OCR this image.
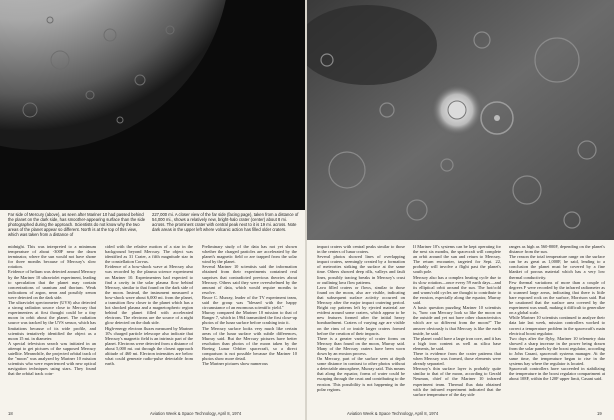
Far side of Mercury (above), as seen after Mariner 10 had passed behind the planet on the dark side, has smoother-appearing surface than the side photographed during the approach. Scientists do not know why the two areas of the planet appear so different. North is at the top of this view, which was taken from a distance of
227,000 mi. A closer view of the far side (facing page), taken from a distance of 54,000 mi., shows a relatively new, bright-halo crater (center) about 8 mi. across. The prominent crater with central peak next to it is 19 mi. across. Note dark areas in the upper left where volcanic action has filled older craters.
midnight. This was interpreted to a minimum temperature of about -300F near the dawn terminator, where the sun would not have shone for three months because of Mercury's slow rotation.
Evidence of helium was detected around Mercury by the Mariner 10 ultraviolet experiment, leading to speculation that the planet may contain concentrations of uranium and thorium. Weak indications of argon, neon and possibly xenon were detected on the dark side.
The ultraviolet spectrometer (UVS) also detected a strong radiation source close to Mercury that experimenters at first thought could be a tiny moon in orbit about the planet. The radiation source was tracked by the UVS sensor, which has limitations because of its wide profile, and scientists tentatively identified the object as a moon 15 mi. in diameter.
A special television search was initiated in an attempt to get pictures of the supposed Mercury satellite. Meanwhile, the projected orbital track of the "moon" was analyzed by Mariner 10 mission scientists who were experienced with new optical navigation techniques using stars. They found that the orbital track coin-
cided with the relative motion of a star in the background beyond Mercury. The object was identified as 31 Crater, a fifth magnitude star in the constellation Corvus.
Evidence of a bow-shock wave at Mercury also was recorded by the plasma science experiment on Mariner 10. Experimenters had expected to find a cavity in the solar plasma flow behind Mercury, similar to that found on the dark side of the moon. Instead, the instrument measured a bow-shock wave about 6,000 mi. from the planet, a transition flow closer to the planet which has a hot shocked plasma and a magnetospheric region behind the planet filled with accelerated electrons. The electrons are the source of a night glow detected on the dark side.
High-energy electron fluxes measured by Mariner 10's charged particle telescope also indicate that Mercury's magnetic field is an intrinsic part of the planet. Electrons were detected from a distance of about 5,000 mi. out through the closest approach altitude of 460 mi. Electron intensities are below what could generate radio-pulse detectable from earth.
Preliminary study of the data has not yet shown whether the charged particles are accelerated by the planet's magnetic field or are trapped from the solar wind by the planet.
Several Mariner 10 scientists said the information obtained from their experiments contained real surprises that contradicted previous theories about Mercury. Others said they were overwhelmed by the amount of data, which would require months to resolve.
Bruce C. Murray, leader of the TV experiment team, said the group was "blessed with the happy circumstance of an enormous scientific yield."
Murray compared the Mariner 10 mission to that of Ranger 7, which in 1964 transmitted the first close-up photos of the lunar surface before crashing into it.
The Mercury surface looks very much like certain areas of the lunar surface with subtle differences, Murray said. But the Mercury pictures have better resolution than photos of the moon taken by the Boeing Lunar Orbiter spacecraft, so a direct comparison is not possible because the Mariner 10 photos show more detail.
The Mariner pictures show numerous
18	Aviation Week & Space Technology, April 8, 1974
impact craters with central peaks similar to those in the centers of lunar craters.
Several photos showed lines of overlapping impact craters, seemingly created by a formation of meteorites striking the surface at the same time. Others showed deep rills, valleys and fault lines, possibly tracing breaks in Mercury's crust or outlining lava flow patterns.
Lava filled craters or flows, similar to those found on the moon, also are visible, indicating that subsequent surface activity occurred on Mercury after the major impact cratering period. Bright ray patterns left by ejected material are evident around some craters, which appear to be new features formed after the initial heavy bombardment. Craters of varying age are visible on the rims of or inside larger craters formed before the creation of their impacts.
There is a greater variety of crater forms on Mercury than found on the moon, Murray said. Many of the Mercury craters have been worn down by an erosion process.
On Mercury, part of the surface seen at depth some distance in contrast to other photos without a detectable atmosphere, Murray said. This means that along the equator, forms of water could be escaping through the crust and contributing to the erosion. This possibility is not happening in the polar regions.
If Mariner 10's systems can be kept operating for the next six months, the spacecraft will complete an orbit around the sun and return to Mercury. The return encounter, targeted for Sept. 22, probably will involve a flight past the planet's south pole.
Mercury also has a complex heating cycle due to its slow rotation—once every 59 earth days—and its elliptical orbit around the sun. The hot/cold and warm/cold cycles are thought to contribute to the erosion, especially along the equator, Murray said.
A basic question puzzling Mariner 10 scientists is, "how can Mercury look so like the moon on the outside and yet not have other characteristics which are so different from the moon?" The answer obviously is that Mercury is like the earth inside, he said.
The planet could have a large iron core, and it has a high iron content as well as silica base elements, he said.
There is evidence from the crater patterns that when Mercury was formed, those elements were already separated.
Mercury's thin surface layer is probably quite similar to that of the moon, according to Gerald Neuman, chief of the Mariner 10 infrared experiment team. Thermal flux data obtained with the infrared experiment indicated that the surface temperature of the day side
ranges as high as 560-800F, depending on the planet's distance from the sun.
The reason the total temperature range on the surface can be as great as 1,000F, he said, lending to a conclusion the planet must be covered by a fine blanket of porous material which has a very low thermal conductivity.
Few thermal variations of more than a couple of degrees F were recorded by the infrared radiometer as it scanned large areas, indicating that there is little bare exposed rock on the surface, Morrison said. But he cautioned that the surface area covered by the experiment was small, making it difficult to generalize on a global scale.
While Mariner 10 scientists continued to analyze their data late last week, mission controllers worked to correct a temperature problem in the spacecraft's main electrical boost regulator.
Two days after the flyby, Mariner 10 telemetry data showed a sharp increase in the power being drawn from the solar panels by the boost regulator, according to John Casani, spacecraft systems manager. At the same time, the temperature began to rise in the systems bay where the regulator is located.
Spacecraft controllers have succeeded in stabilizing the temperature in the boost regulator compartment at about 108F, within the 120F upper limit, Casani said.
Aviation Week & Space Technology, April 8, 1974	19
